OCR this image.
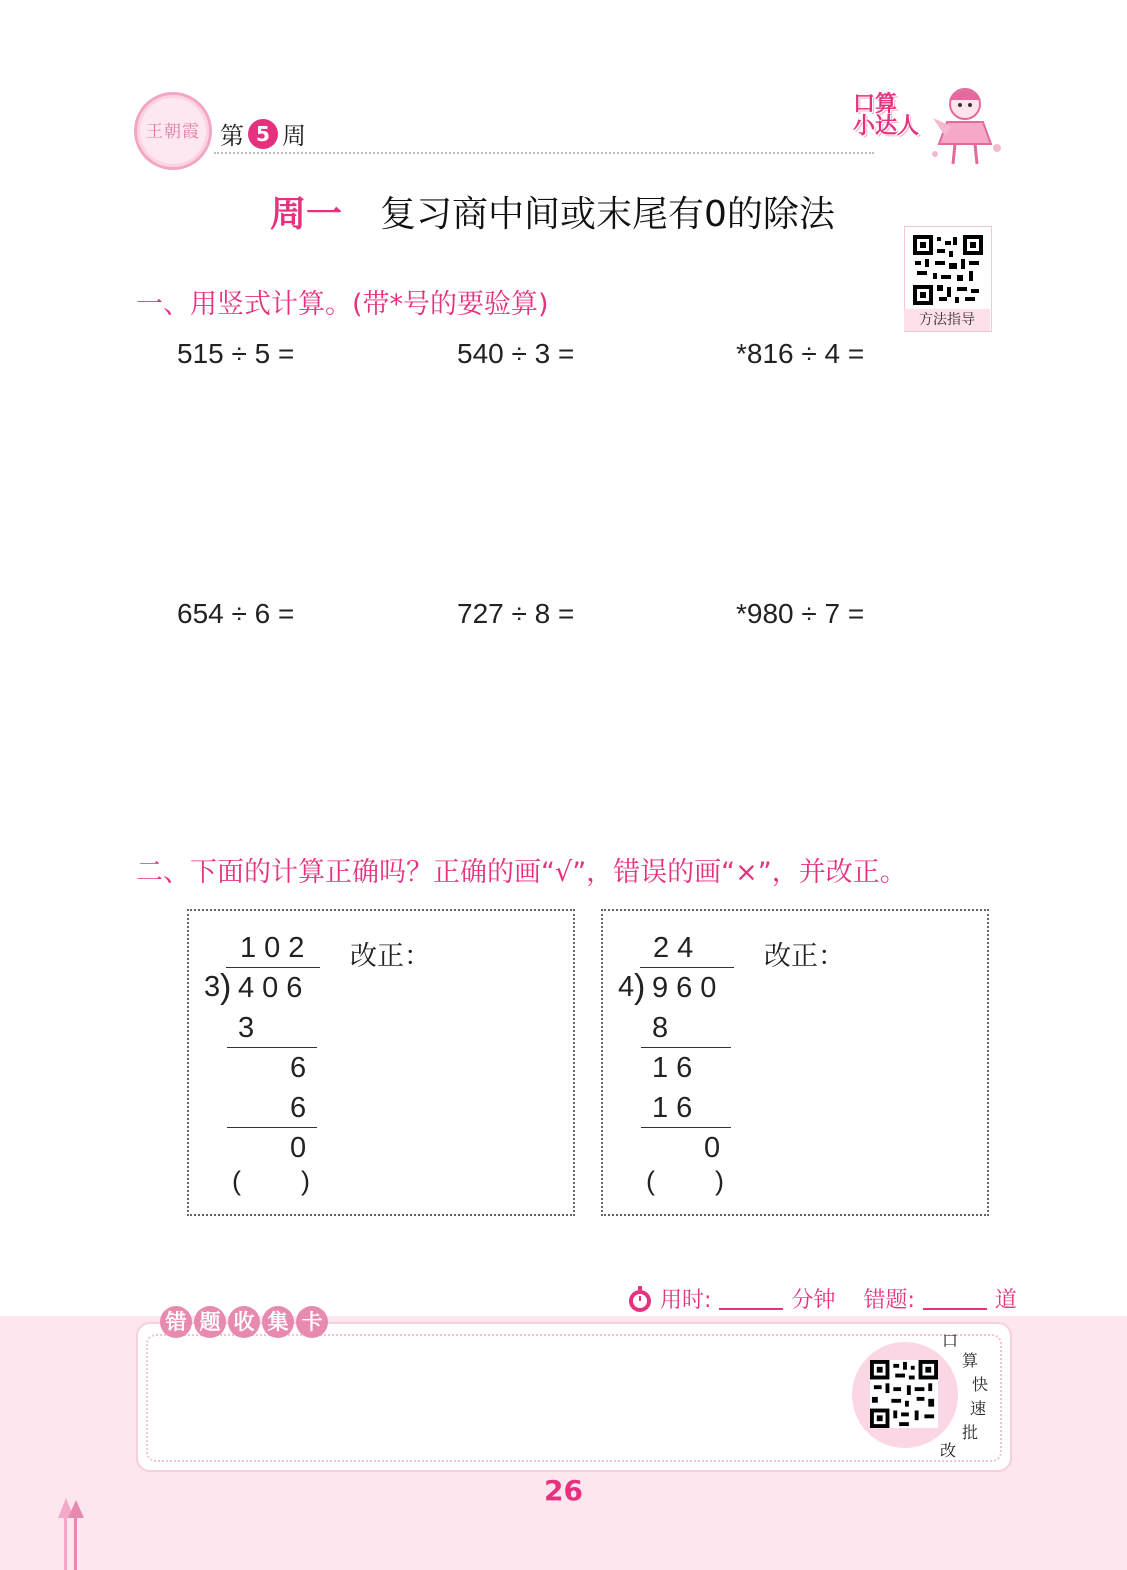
王朝霞 第 5 周
口算
小达人
周一 复习商中间或末尾有0的除法
方法指导
一、用竖式计算。(带*号的要验算)
515 ÷ 5 =	540 ÷ 3 =	*816 ÷ 4 =
654 ÷ 6 =	727 ÷ 8 =	*980 ÷ 7 =
二、下面的计算正确吗？正确的画“√”，错误的画“×”，并改正。
102
3 ) 406
3
6
6
0
(        )
改正：	24
4 ) 960
8
16
16
0
(        )
改正：
用时:	分钟 错题:	道
错 题 收 集 卡
口
算
快
速
批
改
26
